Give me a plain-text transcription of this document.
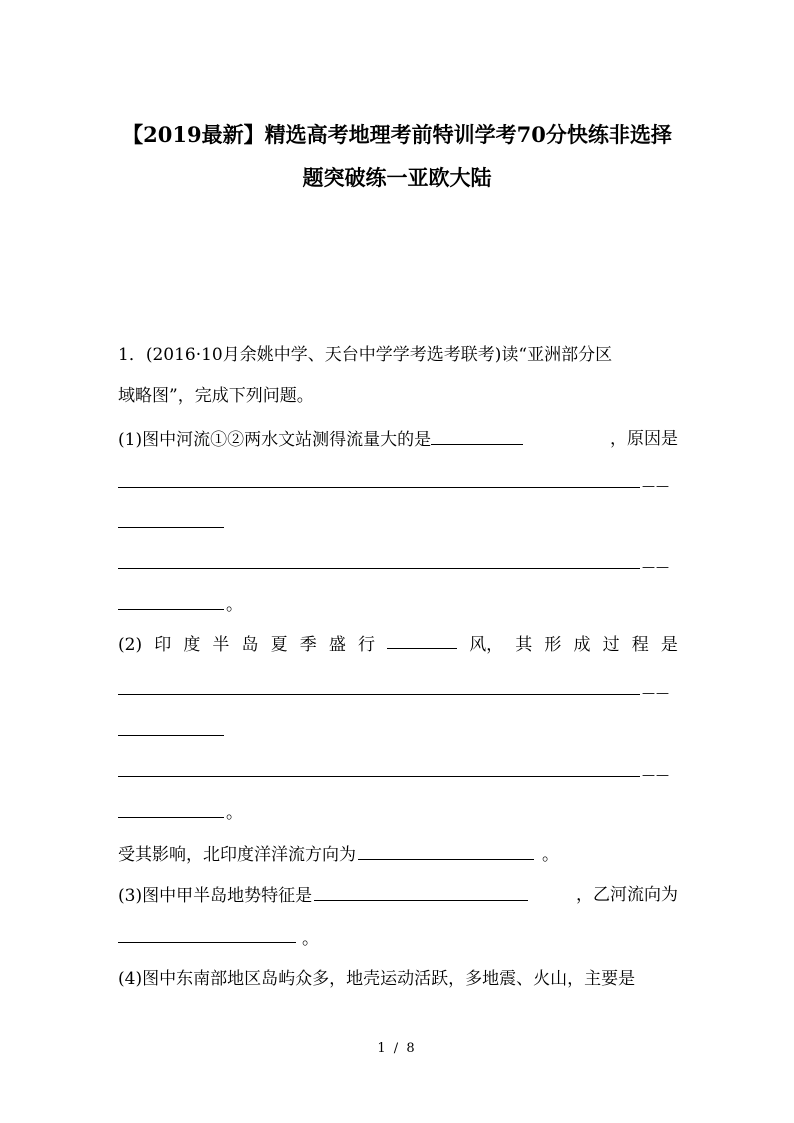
【2019最新】精选高考地理考前特训学考70分快练非选择
题突破练一亚欧大陆
1．(2016·10月余姚中学、天台中学学考选考联考)读“亚洲部分区
域略图”，完成下列问题。
(1)图中河流①②两水文站测得流量大的是	，原因是
——
——
。
(2) 印 度 半 岛 夏 季 盛 行	风， 其 形 成 过 程 是
——
——
。
受其影响，北印度洋洋流方向为	。
(3)图中甲半岛地势特征是	，乙河流向为
。
(4)图中东南部地区岛屿众多，地壳运动活跃，多地震、火山，主要是
1 / 8
